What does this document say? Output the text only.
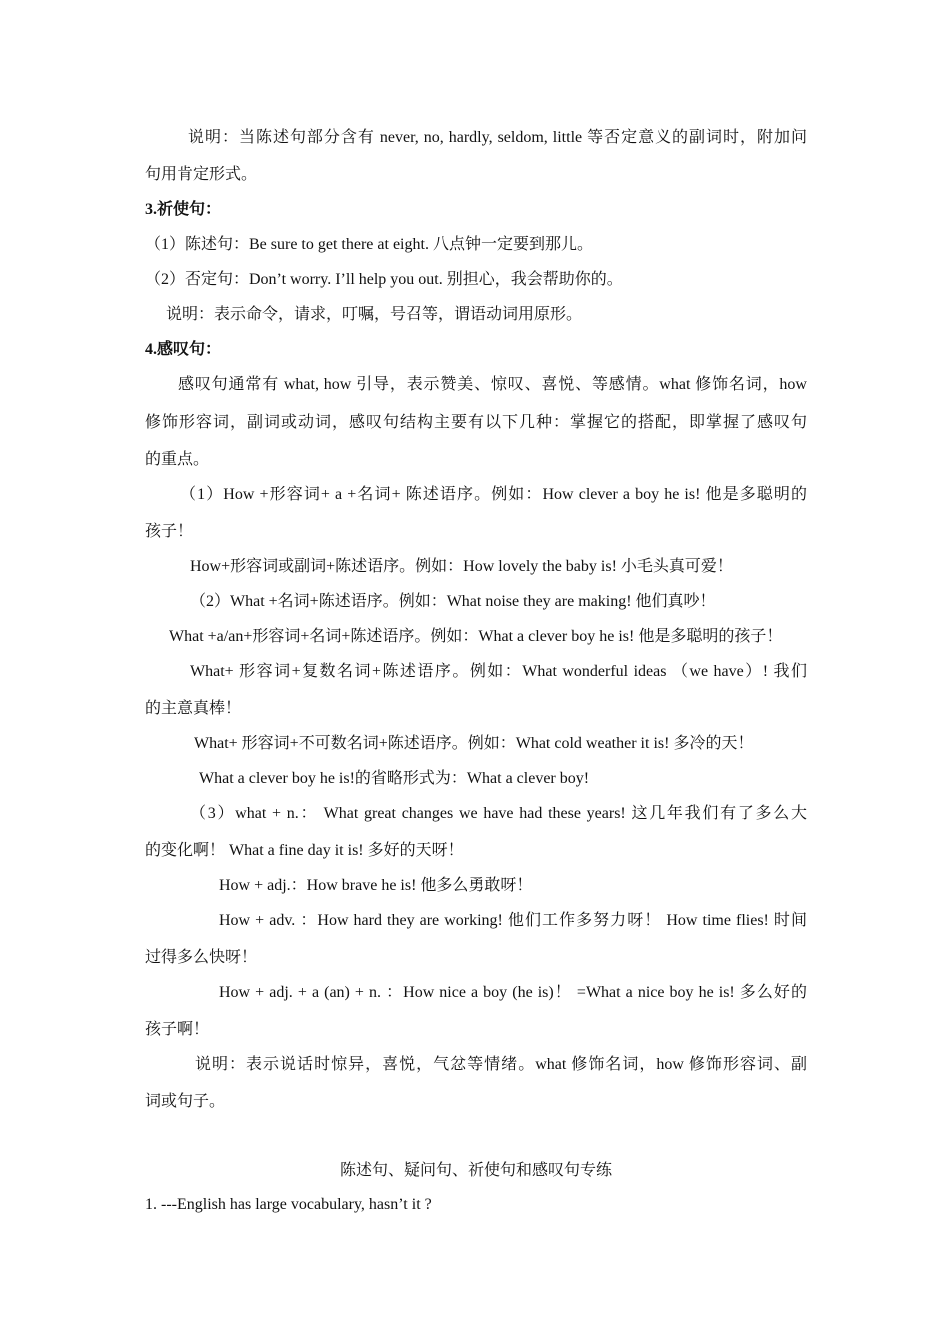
说明：当陈述句部分含有 never, no, hardly, seldom, little 等否定意义的副词时，附加问
句用肯定形式。
3.祈使句：
（1）陈述句：Be sure to get there at eight. 八点钟一定要到那儿。
（2）否定句：Don’t worry. I’ll help you out. 别担心，我会帮助你的。
说明：表示命令，请求，叮嘱，号召等，谓语动词用原形。
4.感叹句：
感叹句通常有 what, how 引导，表示赞美、惊叹、喜悦、等感情。what 修饰名词，how
修饰形容词，副词或动词，感叹句结构主要有以下几种：掌握它的搭配，即掌握了感叹句
的重点。
（1）How +形容词+ a +名词+ 陈述语序。例如：How clever a boy he is! 他是多聪明的
孩子！
How+形容词或副词+陈述语序。例如：How lovely the baby is! 小毛头真可爱！
（2）What +名词+陈述语序。例如：What noise they are making! 他们真吵！
What +a/an+形容词+名词+陈述语序。例如：What a clever boy he is! 他是多聪明的孩子！
What+ 形容词+复数名词+陈述语序。例如：What wonderful ideas （we have）! 我们
的主意真棒！
What+ 形容词+不可数名词+陈述语序。例如：What cold weather it is! 多冷的天！
What a clever boy he is!的省略形式为：What a clever boy!
（3）what + n.： What great changes we have had these years! 这几年我们有了多么大
的变化啊！ What a fine day it is! 多好的天呀！
How + adj.：How brave he is! 他多么勇敢呀！
How + adv. ：How hard they are working! 他们工作多努力呀！ How time flies! 时间
过得多么快呀！
How + adj. + a (an) + n. ：How nice a boy (he is)！ =What a nice boy he is! 多么好的
孩子啊！
说明：表示说话时惊异，喜悦，气忿等情绪。what 修饰名词，how 修饰形容词、副
词或句子。
陈述句、疑问句、祈使句和感叹句专练
1. ---English has large vocabulary, hasn’t it ?
